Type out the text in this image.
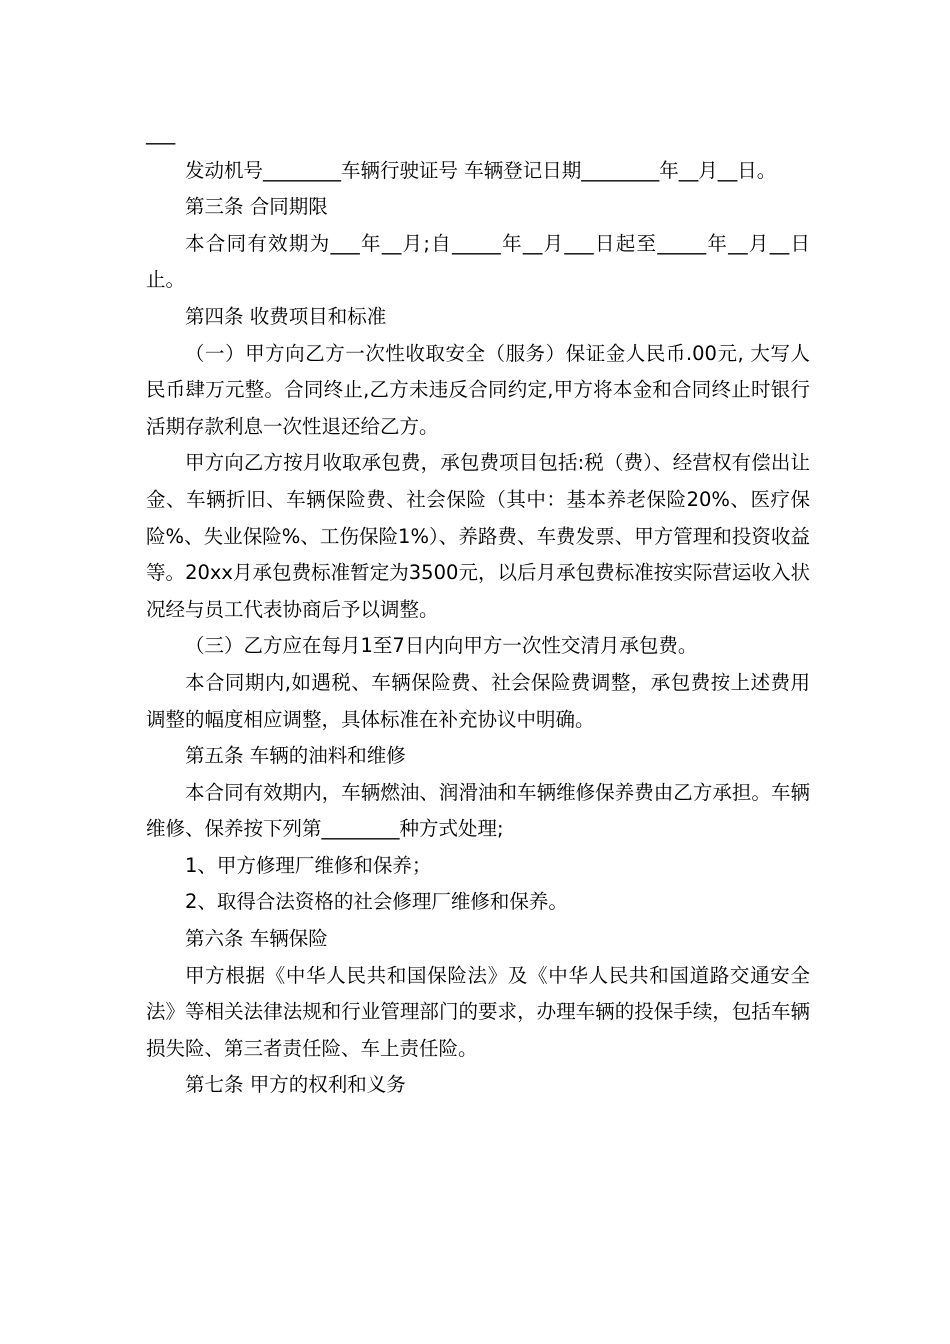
___

发动机号________车辆行驶证号 车辆登记日期________年__月__日。

第三条 合同期限

本合同有效期为___年__月;自_____年__月___日起至_____年__月__日止。

第四条 收费项目和标准

（一）甲方向乙方一次性收取安全（服务）保证金人民币.00元, 大写人民币肆万元整。合同终止,乙方未违反合同约定,甲方将本金和合同终止时银行活期存款利息一次性退还给乙方。

甲方向乙方按月收取承包费，承包费项目包括:税（费）、经营权有偿出让金、车辆折旧、车辆保险费、社会保险（其中：基本养老保险20%、医疗保险%、失业保险%、工伤保险1%）、养路费、车费发票、甲方管理和投资收益等。20xx月承包费标准暂定为3500元，以后月承包费标准按实际营运收入状况经与员工代表协商后予以调整。

（三）乙方应在每月1至7日内向甲方一次性交清月承包费。

本合同期内,如遇税、车辆保险费、社会保险费调整，承包费按上述费用调整的幅度相应调整，具体标准在补充协议中明确。

第五条 车辆的油料和维修

本合同有效期内，车辆燃油、润滑油和车辆维修保养费由乙方承担。车辆维修、保养按下列第________种方式处理;

1、甲方修理厂维修和保养；

2、取得合法资格的社会修理厂维修和保养。

第六条 车辆保险

甲方根据《中华人民共和国保险法》及《中华人民共和国道路交通安全法》等相关法律法规和行业管理部门的要求，办理车辆的投保手续，包括车辆损失险、第三者责任险、车上责任险。

第七条 甲方的权利和义务
